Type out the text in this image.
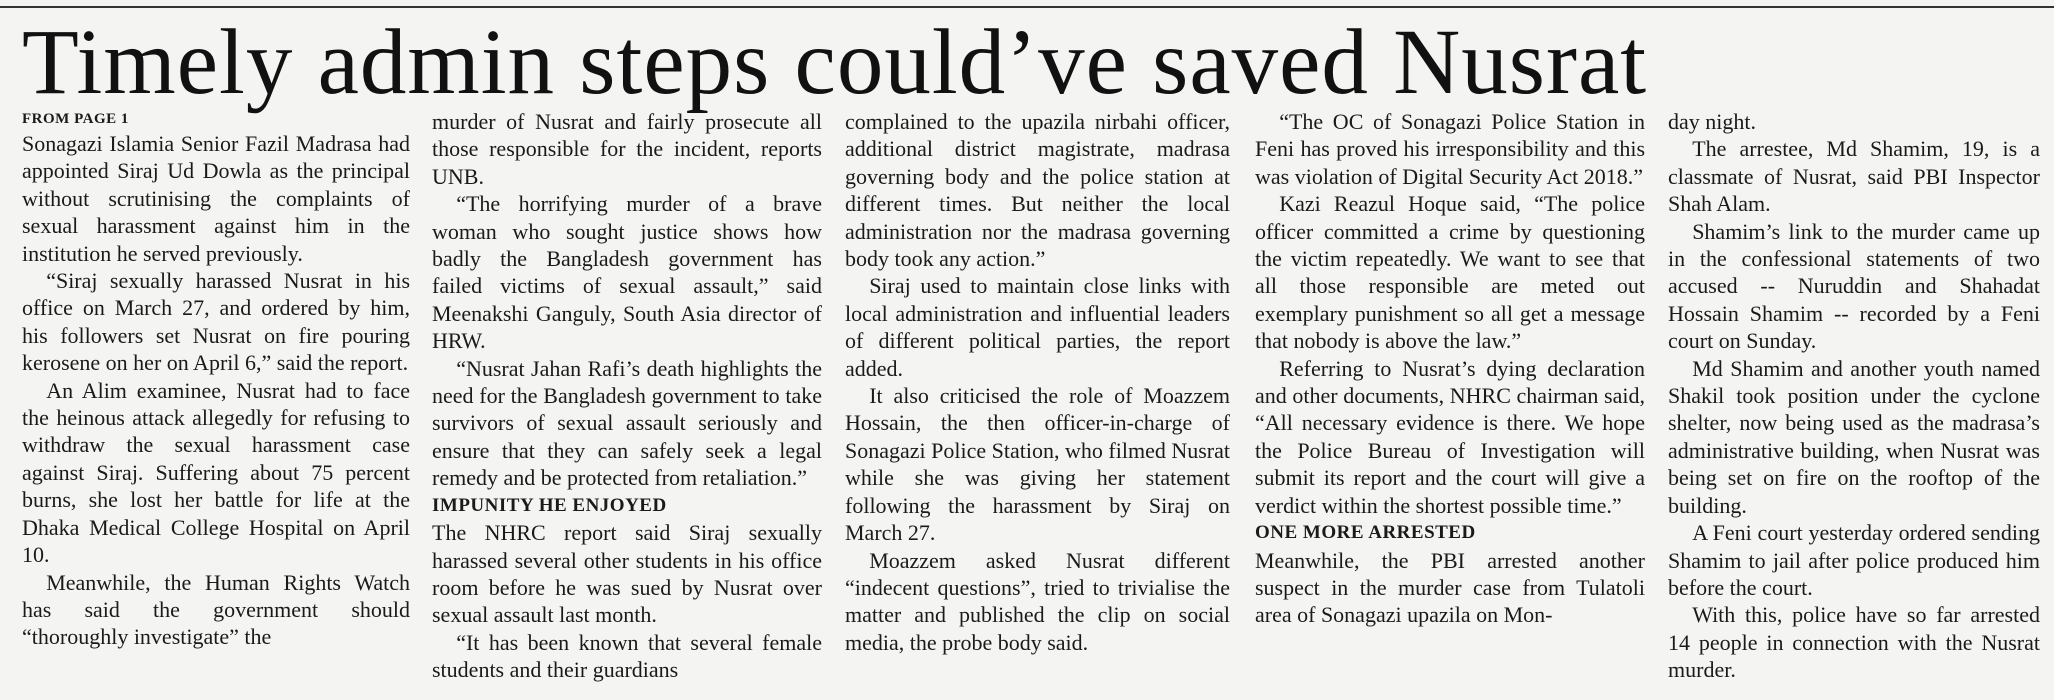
Timely admin steps could’ve saved Nusrat

FROM PAGE 1

Sonagazi Islamia Senior Fazil Madrasa had appointed Siraj Ud Dowla as the principal without scrutinising the complaints of sexual harassment against him in the institution he served previously.

“Siraj sexually harassed Nusrat in his office on March 27, and ordered by him, his followers set Nusrat on fire pouring kerosene on her on April 6,” said the report.

An Alim examinee, Nusrat had to face the heinous attack allegedly for refusing to withdraw the sexual harassment case against Siraj. Suffering about 75 percent burns, she lost her battle for life at the Dhaka Medical College Hospital on April 10.

Meanwhile, the Human Rights Watch has said the government should “thoroughly investigate” the

murder of Nusrat and fairly prosecute all those responsible for the incident, reports UNB.

“The horrifying murder of a brave woman who sought justice shows how badly the Bangladesh government has failed victims of sexual assault,” said Meenakshi Ganguly, South Asia director of HRW.

“Nusrat Jahan Rafi’s death highlights the need for the Bangladesh government to take survivors of sexual assault seriously and ensure that they can safely seek a legal remedy and be protected from retaliation.”

IMPUNITY HE ENJOYED

The NHRC report said Siraj sexually harassed several other students in his office room before he was sued by Nusrat over sexual assault last month.

“It has been known that several female students and their guardians

complained to the upazila nirbahi officer, additional district magistrate, madrasa governing body and the police station at different times. But neither the local administration nor the madrasa governing body took any action.”

Siraj used to maintain close links with local administration and influential leaders of different political parties, the report added.

It also criticised the role of Moazzem Hossain, the then officer-in-charge of Sonagazi Police Station, who filmed Nusrat while she was giving her statement following the harassment by Siraj on March 27.

Moazzem asked Nusrat different “indecent questions”, tried to trivialise the matter and published the clip on social media, the probe body said.

“The OC of Sonagazi Police Station in Feni has proved his irresponsibility and this was violation of Digital Security Act 2018.”

Kazi Reazul Hoque said, “The police officer committed a crime by questioning the victim repeatedly. We want to see that all those responsible are meted out exemplary punishment so all get a message that nobody is above the law.”

Referring to Nusrat’s dying declaration and other documents, NHRC chairman said, “All necessary evidence is there. We hope the Police Bureau of Investigation will submit its report and the court will give a verdict within the shortest possible time.”

ONE MORE ARRESTED

Meanwhile, the PBI arrested another suspect in the murder case from Tulatoli area of Sonagazi upazila on Mon-

day night.

The arrestee, Md Shamim, 19, is a classmate of Nusrat, said PBI Inspector Shah Alam.

Shamim’s link to the murder came up in the confessional statements of two accused -- Nuruddin and Shahadat Hossain Shamim -- recorded by a Feni court on Sunday.

Md Shamim and another youth named Shakil took position under the cyclone shelter, now being used as the madrasa’s administrative building, when Nusrat was being set on fire on the rooftop of the building.

A Feni court yesterday ordered sending Shamim to jail after police produced him before the court.

With this, police have so far arrested 14 people in connection with the Nusrat murder.
